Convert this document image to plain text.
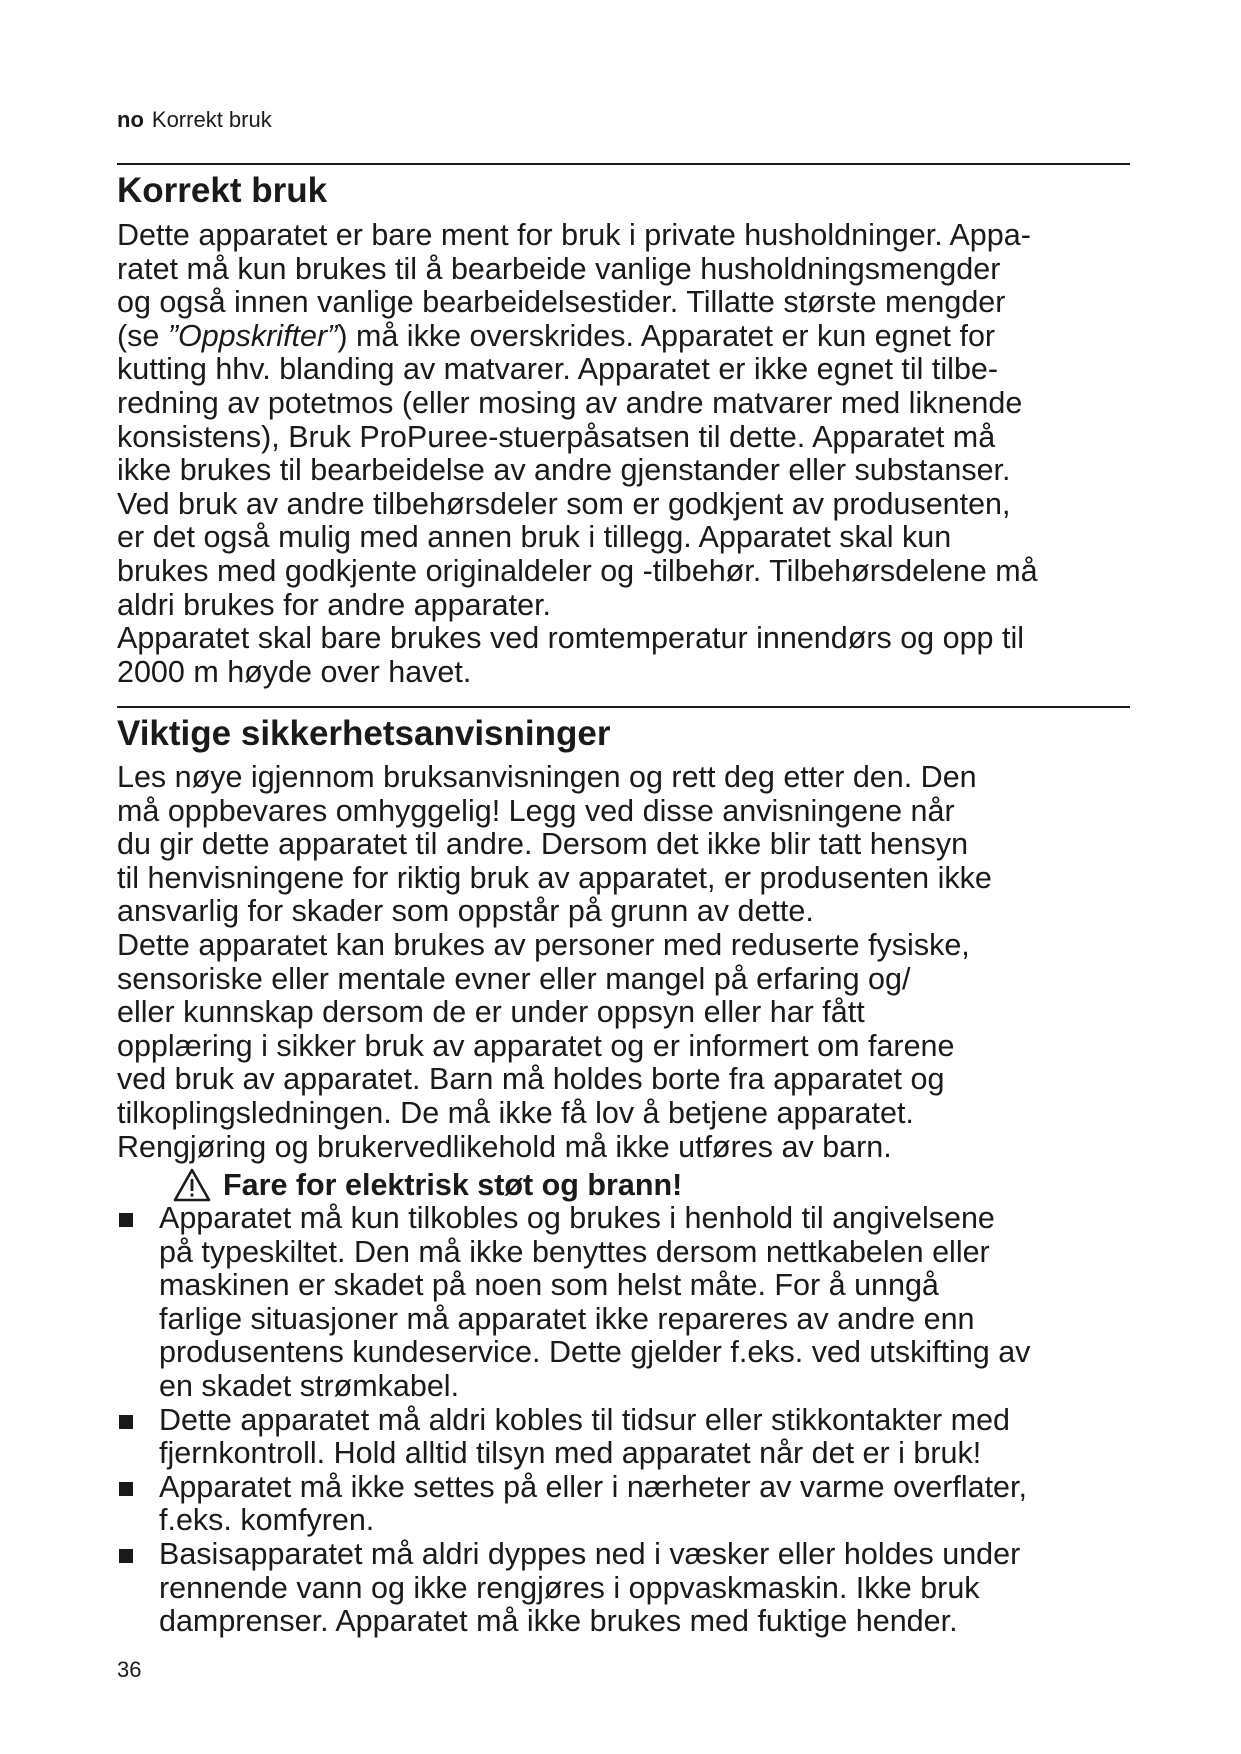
no Korrekt bruk
Korrekt bruk
Dette apparatet er bare ment for bruk i private husholdninger. Appa-
ratet må kun brukes til å bearbeide vanlige husholdningsmengder
og også innen vanlige bearbeidelsestider. Tillatte største mengder
(se ”Oppskrifter”) må ikke overskrides. Apparatet er kun egnet for
kutting hhv. blanding av matvarer. Apparatet er ikke egnet til tilbe-
redning av potetmos (eller mosing av andre matvarer med liknende
konsistens), Bruk ProPuree-stuerpåsatsen til dette. Apparatet må
ikke brukes til bearbeidelse av andre gjenstander eller substanser.
Ved bruk av andre tilbehørsdeler som er godkjent av produsenten,
er det også mulig med annen bruk i tillegg. Apparatet skal kun
brukes med godkjente originaldeler og -tilbehør. Tilbehørsdelene må
aldri brukes for andre apparater.
Apparatet skal bare brukes ved romtemperatur innendørs og opp til
2000 m høyde over havet.
Viktige sikkerhetsanvisninger
Les nøye igjennom bruksanvisningen og rett deg etter den. Den
må oppbevares omhyggelig! Legg ved disse anvisningene når
du gir dette apparatet til andre. Dersom det ikke blir tatt hensyn
til henvisningene for riktig bruk av apparatet, er produsenten ikke
ansvarlig for skader som oppstår på grunn av dette.
Dette apparatet kan brukes av personer med reduserte fysiske,
sensoriske eller mentale evner eller mangel på erfaring og/
eller kunnskap dersom de er under oppsyn eller har fått
opplæring i sikker bruk av apparatet og er informert om farene
ved bruk av apparatet. Barn må holdes borte fra apparatet og
tilkoplingsledningen. De må ikke få lov å betjene apparatet.
Rengjøring og brukervedlikehold må ikke utføres av barn.
Fare for elektrisk støt og brann!
Apparatet må kun tilkobles og brukes i henhold til angivelsene
på typeskiltet. Den må ikke benyttes dersom nettkabelen eller
maskinen er skadet på noen som helst måte. For å unngå
farlige situasjoner må apparatet ikke repareres av andre enn
produsentens kundeservice. Dette gjelder f.eks. ved utskifting av
en skadet strømkabel.
Dette apparatet må aldri kobles til tidsur eller stikkontakter med
fjernkontroll. Hold alltid tilsyn med apparatet når det er i bruk!
Apparatet må ikke settes på eller i nærheter av varme overflater,
f.eks. komfyren.
Basisapparatet må aldri dyppes ned i væsker eller holdes under
rennende vann og ikke rengjøres i oppvaskmaskin. Ikke bruk
damprenser. Apparatet må ikke brukes med fuktige hender.
36
